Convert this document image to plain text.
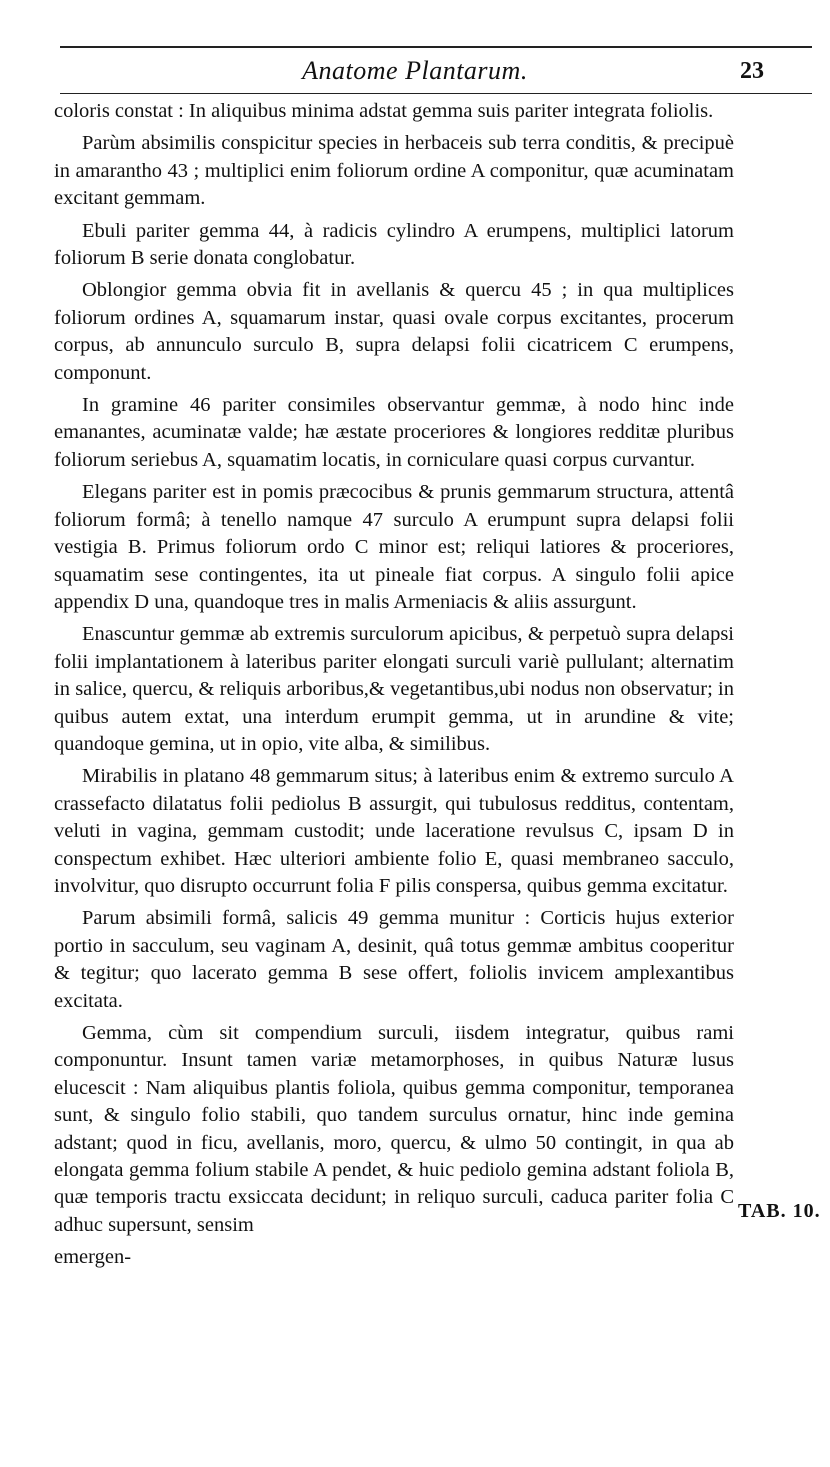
Anatome Plantarum.	23

coloris constat : In aliquibus minima adstat gemma suis pariter integrata foliolis.

Parùm absimilis conspicitur species in herbaceis sub terra conditis, & precipuè in amarantho 43 ; multiplici enim foliorum ordine A componitur, quæ acuminatam excitant gemmam.

Ebuli pariter gemma 44, à radicis cylindro A erumpens, multiplici latorum foliorum B serie donata conglobatur.

Oblongior gemma obvia fit in avellanis & quercu 45 ; in qua multiplices foliorum ordines A, squamarum instar, quasi ovale corpus excitantes, procerum corpus, ab annunculo surculo B, supra delapsi folii cicatricem C erumpens, componunt.

In gramine 46 pariter consimiles observantur gemmæ, à nodo hinc inde emanantes, acuminatæ valde; hæ æstate proceriores & longiores redditæ pluribus foliorum seriebus A, squamatim locatis, in corniculare quasi corpus curvantur.

Elegans pariter est in pomis præcocibus & prunis gemmarum structura, attentâ foliorum formâ; à tenello namque 47 surculo A erumpunt supra delapsi folii vestigia B. Primus foliorum ordo C minor est; reliqui latiores & proceriores, squamatim sese contingentes, ita ut pineale fiat corpus. A singulo folii apice appendix D una, quandoque tres in malis Armeniacis & aliis assurgunt.

Enascuntur gemmæ ab extremis surculorum apicibus, & perpetuò supra delapsi folii implantationem à lateribus pariter elongati surculi variè pullulant; alternatim in salice, quercu, & reliquis arboribus,& vegetantibus,ubi nodus non observatur; in quibus autem extat, una interdum erumpit gemma, ut in arundine & vite; quandoque gemina, ut in opio, vite alba, & similibus.

Mirabilis in platano 48 gemmarum situs; à lateribus enim & extremo surculo A crassefacto dilatatus folii pediolus B assurgit, qui tubulosus redditus, contentam, veluti in vagina, gemmam custodit; unde laceratione revulsus C, ipsam D in conspectum exhibet. Hæc ulteriori ambiente folio E, quasi membraneo sacculo, involvitur, quo disrupto occurrunt folia F pilis conspersa, quibus gemma excitatur.

Parum absimili formâ, salicis 49 gemma munitur : Corticis hujus exterior portio in sacculum, seu vaginam A, desinit, quâ totus gemmæ ambitus cooperitur & tegitur; quo lacerato gemma B sese offert, foliolis invicem amplexantibus excitata.

Gemma, cùm sit compendium surculi, iisdem integratur, quibus rami componuntur. Insunt tamen variæ metamorphoses, in quibus Naturæ lusus elucescit : Nam aliquibus plantis foliola, quibus gemma componitur, temporanea sunt, & singulo folio stabili, quo tandem surculus ornatur, hinc inde gemina adstant; quod in ficu, avellanis, moro, quercu, & ulmo 50 contingit, in qua ab elongata gemma folium stabile A pendet, & huic pediolo gemina adstant foliola B, quæ temporis tractu exsiccata decidunt; in reliquo surculi, caduca pariter folia C adhuc supersunt, sensim

emergen-

TAB. 10.
